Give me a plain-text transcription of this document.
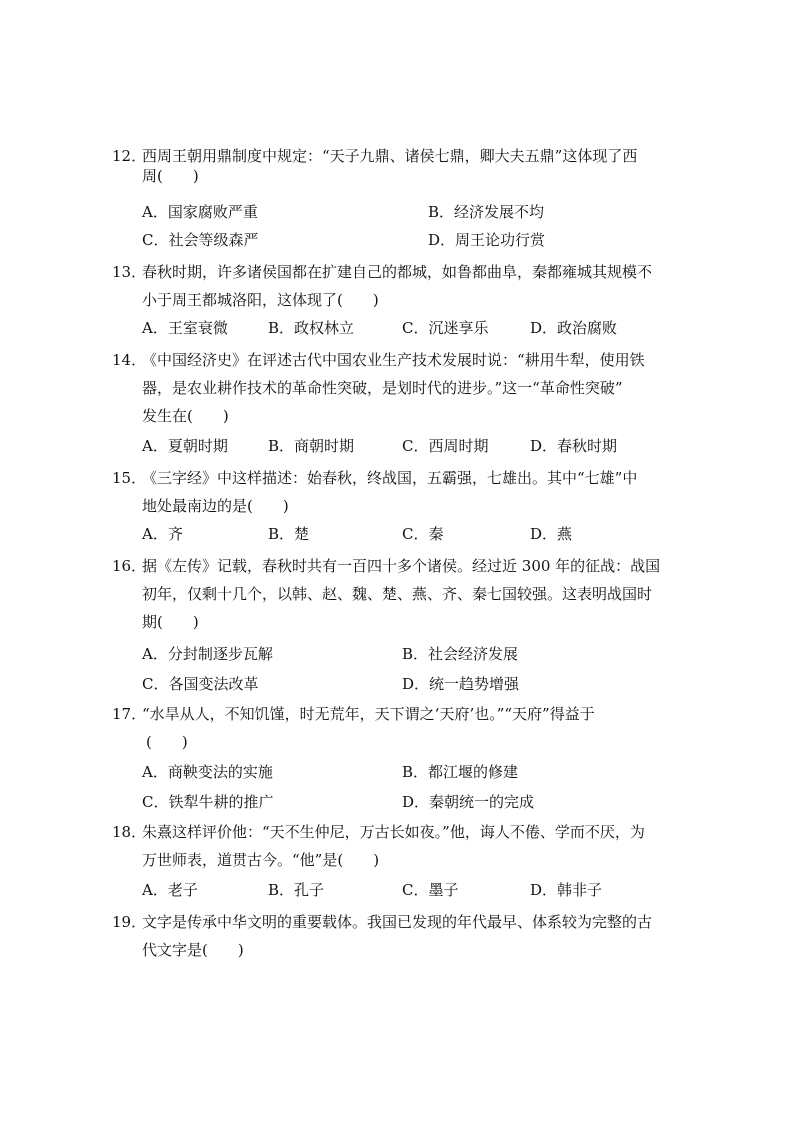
12．
西周王朝用鼎制度中规定：“天子九鼎、诸侯七鼎，卿大夫五鼎”这体现了西
周(　　)
A．国家腐败严重	B．经济发展不均
C．社会等级森严	D．周王论功行赏
13．
春秋时期，许多诸侯国都在扩建自己的都城，如鲁都曲阜，秦都雍城其规模不
小于周王都城洛阳，这体现了(　　)
A．王室衰微	B．政权林立	C．沉迷享乐	D．政治腐败
14．
《中国经济史》在评述古代中国农业生产技术发展时说：“耕用牛犁，使用铁
器，是农业耕作技术的革命性突破，是划时代的进步。”这一“革命性突破”
发生在(　　)
A．夏朝时期	B．商朝时期	C．西周时期	D．春秋时期
15．
《三字经》中这样描述：始春秋，终战国，五霸强，七雄出。其中“七雄”中
地处最南边的是(　　)
A．齐	B．楚	C．秦	D．燕
16．
据《左传》记载，春秋时共有一百四十多个诸侯。经过近 300 年的征战：战国
初年，仅剩十几个，以韩、赵、魏、楚、燕、齐、秦七国较强。这表明战国时
期(　　)
A．分封制逐步瓦解	B．社会经济发展
C．各国变法改革	D．统一趋势增强
17．
“水旱从人，不知饥馑，时无荒年，天下谓之‘天府’也。”“天府”得益于
(　　)
A．商鞅变法的实施	B．都江堰的修建
C．铁犁牛耕的推广	D．秦朝统一的完成
18．
朱熹这样评价他：“天不生仲尼，万古长如夜。”他，诲人不倦、学而不厌，为
万世师表，道贯古今。“他”是(　　)
A．老子	B．孔子	C．墨子	D．韩非子
19．
文字是传承中华文明的重要载体。我国已发现的年代最早、体系较为完整的古
代文字是(　　)
